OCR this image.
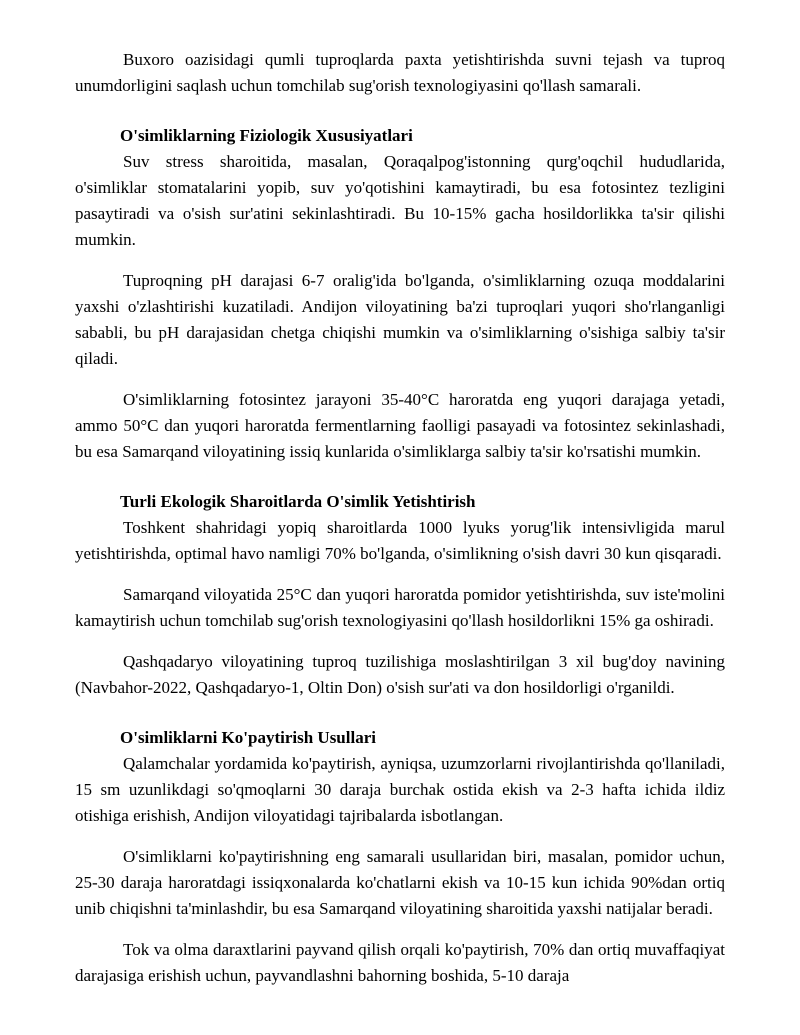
Buxoro oazisidagi qumli tuproqlarda paxta yetishtirishda suvni tejash va tuproq unumdorligini saqlash uchun tomchilab sug'orish texnologiyasini qo'llash samarali.

O'simliklarning Fiziologik Xususiyatlari

Suv stress sharoitida, masalan, Qoraqalpog'istonning qurg'oqchil hududlarida, o'simliklar stomatalarini yopib, suv yo'qotishini kamaytiradi, bu esa fotosintez tezligini pasaytiradi va o'sish sur'atini sekinlashtiradi. Bu 10-15% gacha hosildorlikka ta'sir qilishi mumkin.

Tuproqning pH darajasi 6-7 oralig'ida bo'lganda, o'simliklarning ozuqa moddalarini yaxshi o'zlashtirishi kuzatiladi. Andijon viloyatining ba'zi tuproqlari yuqori sho'rlanganligi sababli, bu pH darajasidan chetga chiqishi mumkin va o'simliklarning o'sishiga salbiy ta'sir qiladi.

O'simliklarning fotosintez jarayoni 35-40°C haroratda eng yuqori darajaga yetadi, ammo 50°C dan yuqori haroratda fermentlarning faolligi pasayadi va fotosintez sekinlashadi, bu esa Samarqand viloyatining issiq kunlarida o'simliklarga salbiy ta'sir ko'rsatishi mumkin.

Turli Ekologik Sharoitlarda O'simlik Yetishtirish

Toshkent shahridagi yopiq sharoitlarda 1000 lyuks yorug'lik intensivligida marul yetishtirishda, optimal havo namligi 70% bo'lganda, o'simlikning o'sish davri 30 kun qisqaradi.

Samarqand viloyatida 25°C dan yuqori haroratda pomidor yetishtirishda, suv iste'molini kamaytirish uchun tomchilab sug'orish texnologiyasini qo'llash hosildorlikni 15% ga oshiradi.

Qashqadaryo viloyatining tuproq tuzilishiga moslashtirilgan 3 xil bug'doy navining (Navbahor-2022, Qashqadaryo-1, Oltin Don) o'sish sur'ati va don hosildorligi o'rganildi.

O'simliklarni Ko'paytirish Usullari

Qalamchalar yordamida ko'paytirish, ayniqsa, uzumzorlarni rivojlantirishda qo'llaniladi, 15 sm uzunlikdagi so'qmoqlarni 30 daraja burchak ostida ekish va 2-3 hafta ichida ildiz otishiga erishish, Andijon viloyatidagi tajribalarda isbotlangan.

O'simliklarni ko'paytirishning eng samarali usullaridan biri, masalan, pomidor uchun, 25-30 daraja haroratdagi issiqxonalarda ko'chatlarni ekish va 10-15 kun ichida 90%dan ortiq unib chiqishni ta'minlashdir, bu esa Samarqand viloyatining sharoitida yaxshi natijalar beradi.

Tok va olma daraxtlarini payvand qilish orqali ko'paytirish, 70% dan ortiq muvaffaqiyat darajasiga erishish uchun, payvandlashni bahorning boshida, 5-10 daraja
